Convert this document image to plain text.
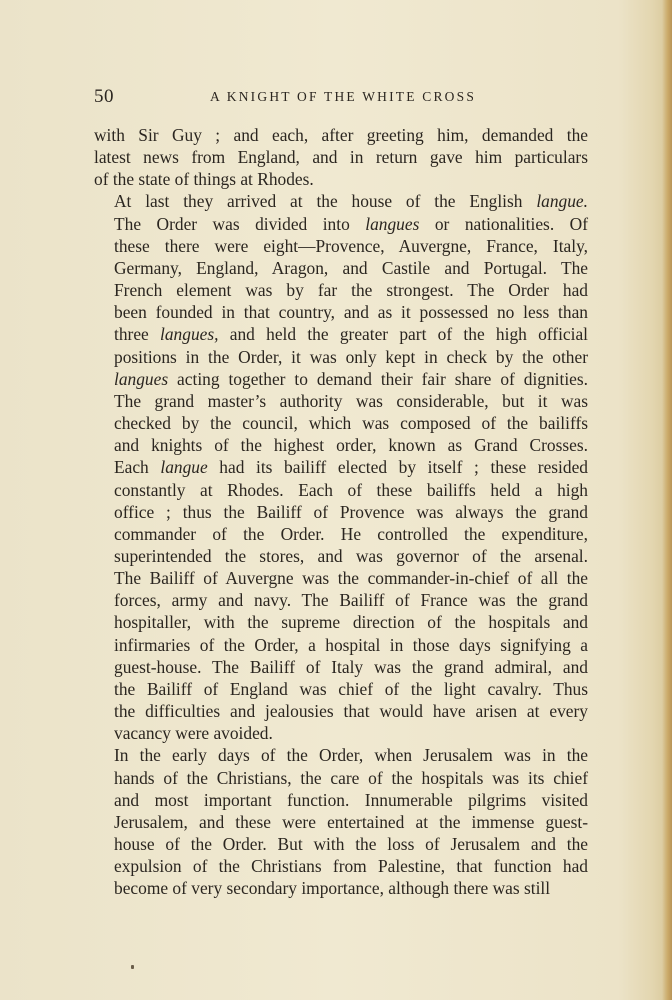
50	A KNIGHT OF THE WHITE CROSS
with Sir Guy ; and each, after greeting him, demanded the
latest news from England, and in return gave him particulars
of the state of things at Rhodes.
At last they arrived at the house of the English langue.
The Order was divided into langues or nationalities. Of
these there were eight—Provence, Auvergne, France, Italy,
Germany, England, Aragon, and Castile and Portugal. The
French element was by far the strongest. The Order had
been founded in that country, and as it possessed no less than
three langues, and held the greater part of the high official
positions in the Order, it was only kept in check by the other
langues acting together to demand their fair share of dignities.
The grand master’s authority was considerable, but it was
checked by the council, which was composed of the bailiffs
and knights of the highest order, known as Grand Crosses.
Each langue had its bailiff elected by itself ; these resided
constantly at Rhodes. Each of these bailiffs held a high
office ; thus the Bailiff of Provence was always the grand
commander of the Order. He controlled the expenditure,
superintended the stores, and was governor of the arsenal.
The Bailiff of Auvergne was the commander-in-chief of all the
forces, army and navy. The Bailiff of France was the grand
hospitaller, with the supreme direction of the hospitals and
infirmaries of the Order, a hospital in those days signifying a
guest-house. The Bailiff of Italy was the grand admiral, and
the Bailiff of England was chief of the light cavalry. Thus
the difficulties and jealousies that would have arisen at every
vacancy were avoided.
In the early days of the Order, when Jerusalem was in the
hands of the Christians, the care of the hospitals was its chief
and most important function. Innumerable pilgrims visited
Jerusalem, and these were entertained at the immense guest-
house of the Order. But with the loss of Jerusalem and the
expulsion of the Christians from Palestine, that function had
become of very secondary importance, although there was still
